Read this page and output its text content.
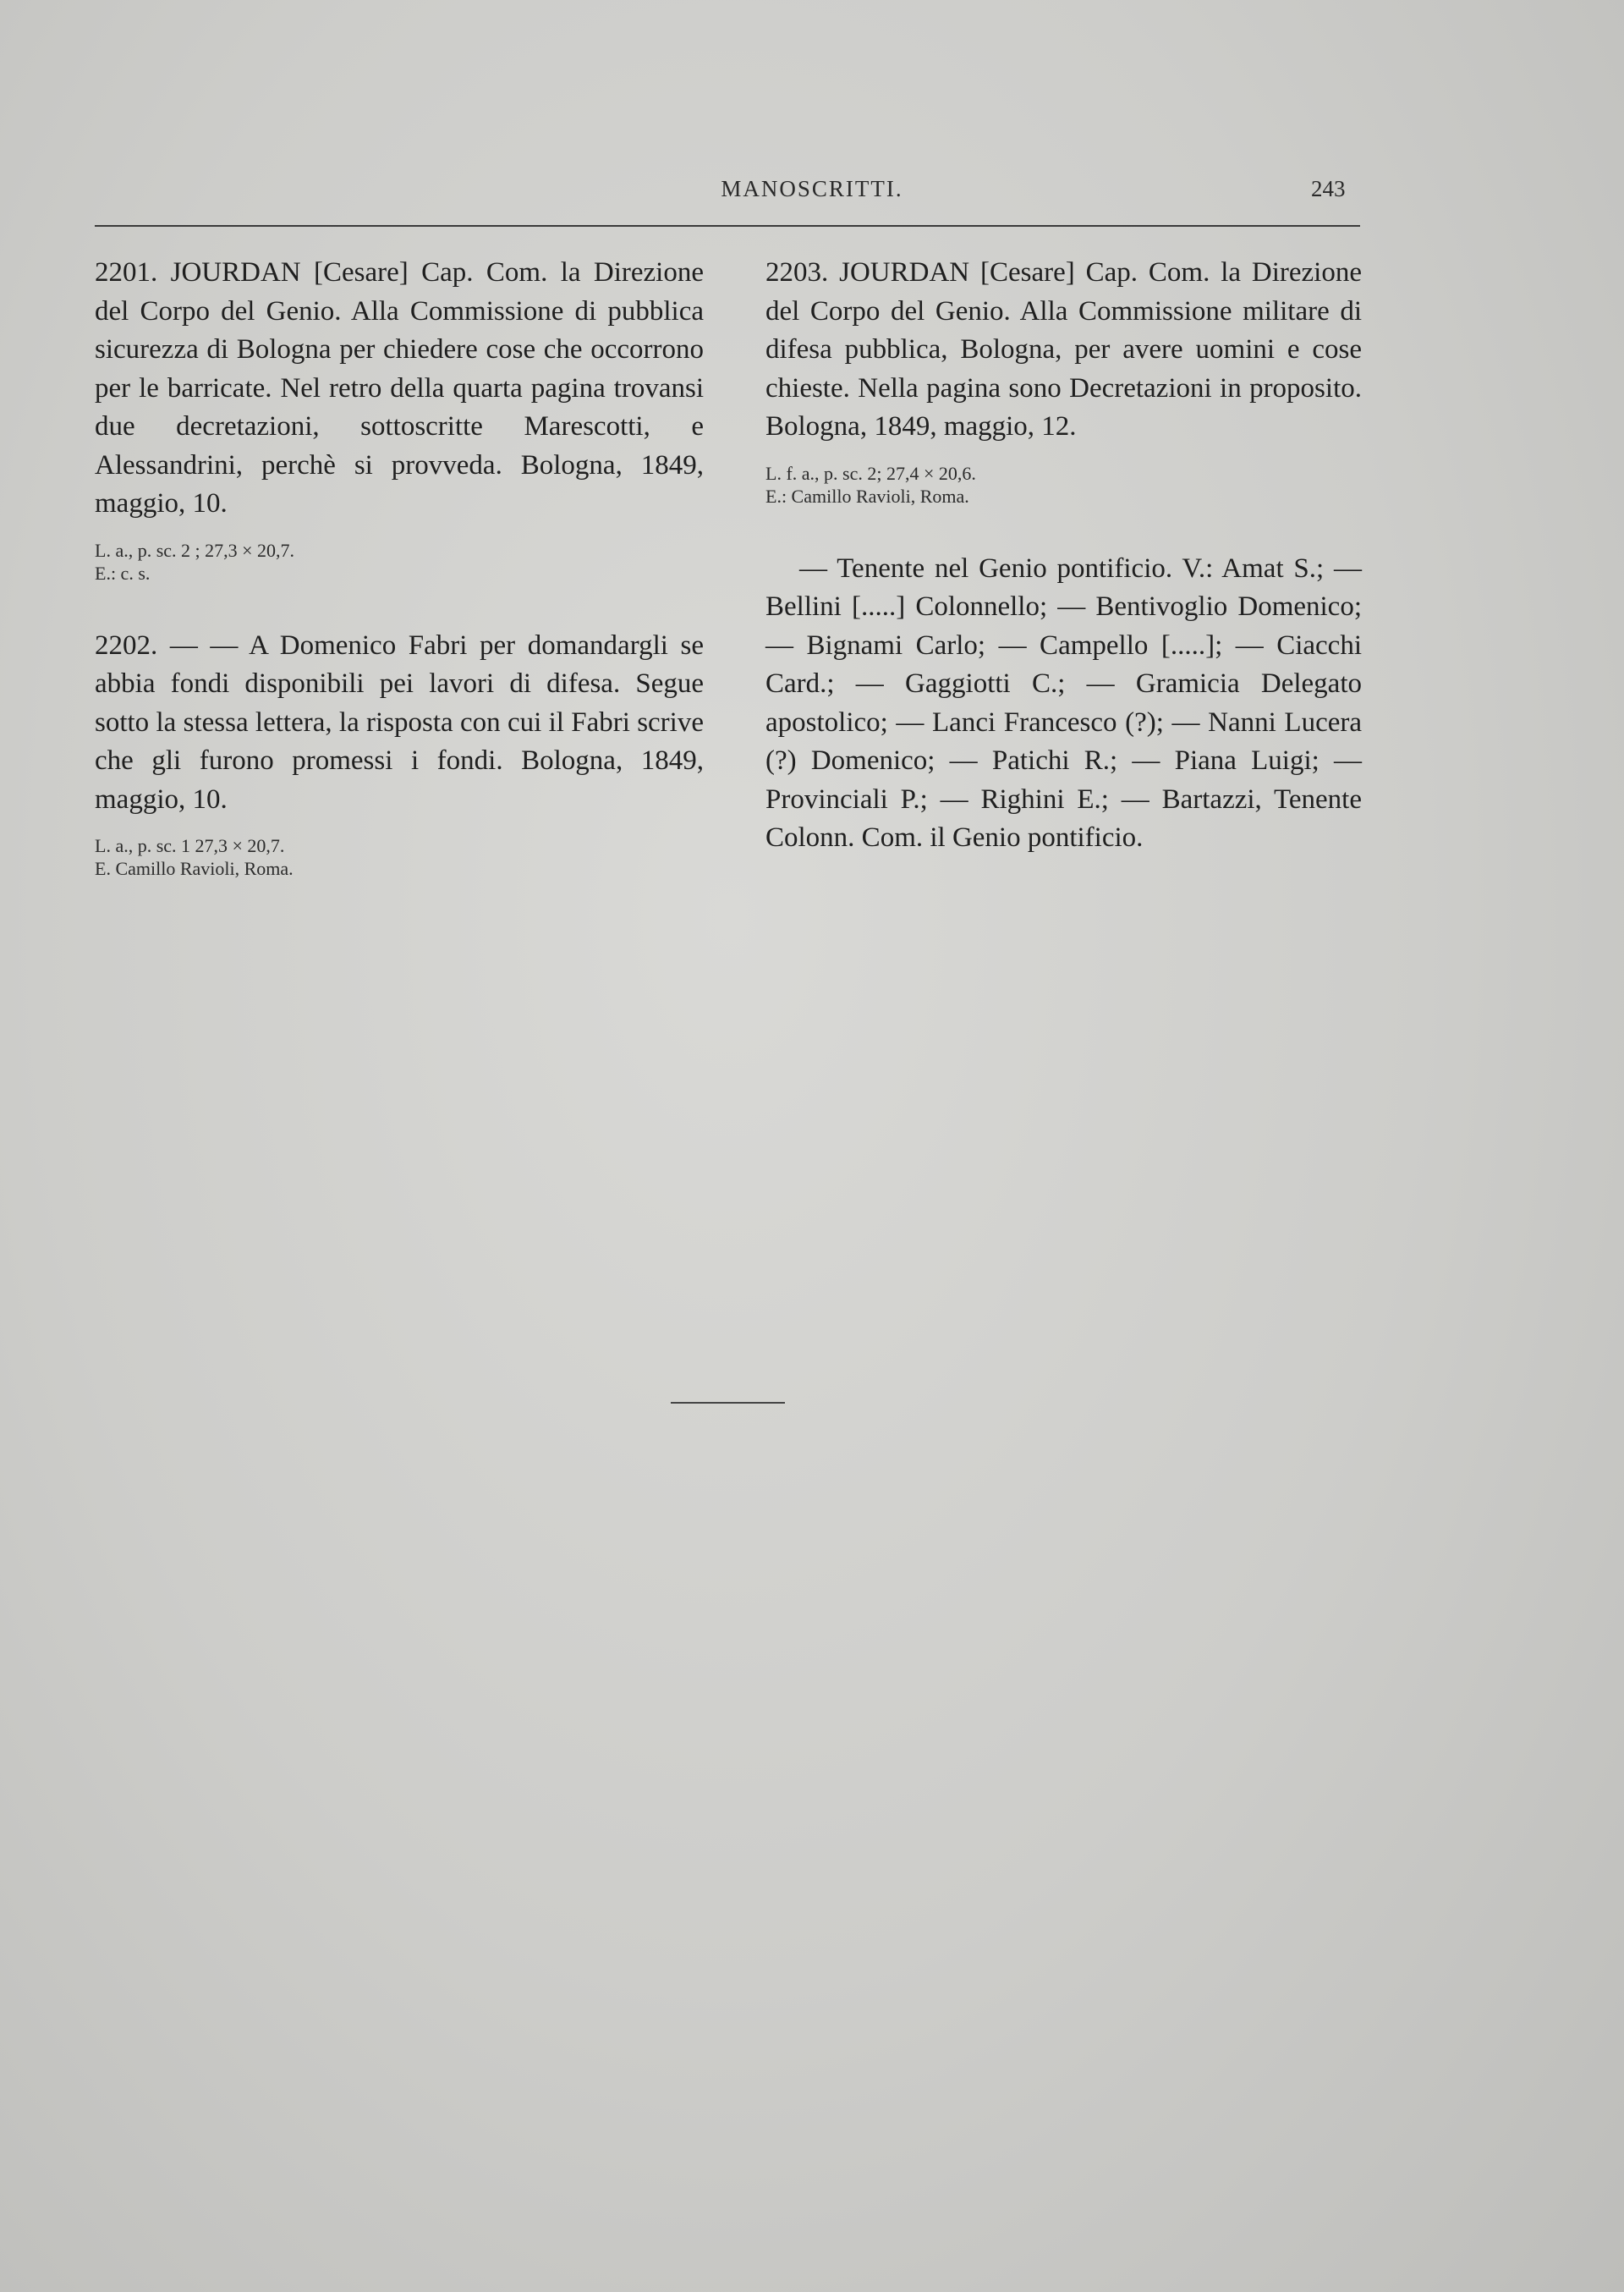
MANOSCRITTI.	243

2201. JOURDAN [Cesare] Cap. Com. la Direzione del Corpo del Genio. Alla Commissione di pubblica sicurezza di Bologna per chiedere cose che occorrono per le barricate. Nel retro della quarta pagina trovansi due decretazioni, sottoscritte Marescotti, e Alessandrini, perchè si provveda. Bologna, 1849, maggio, 10.

L. a., p. sc. 2 ; 27,3 × 20,7.
E.: c. s.

2202. — — A Domenico Fabri per domandargli se abbia fondi disponibili pei lavori di difesa. Segue sotto la stessa lettera, la risposta con cui il Fabri scrive che gli furono promessi i fondi. Bologna, 1849, maggio, 10.

L. a., p. sc. 1 27,3 × 20,7.
E. Camillo Ravioli, Roma.

2203. JOURDAN [Cesare] Cap. Com. la Direzione del Corpo del Genio. Alla Commissione militare di difesa pubblica, Bologna, per avere uomini e cose chieste. Nella pagina sono Decretazioni in proposito. Bologna, 1849, maggio, 12.

L. f. a., p. sc. 2; 27,4 × 20,6.
E.: Camillo Ravioli, Roma.

— Tenente nel Genio pontificio. V.: Amat S.; — Bellini [.....] Colonnello; — Bentivoglio Domenico; — Bignami Carlo; — Campello [.....]; — Ciacchi Card.; — Gaggiotti C.; — Gramicia Delegato apostolico; — Lanci Francesco (?); — Nanni Lucera (?) Domenico; — Patichi R.; — Piana Luigi; — Provinciali P.; — Righini E.; — Bartazzi, Tenente Colonn. Com. il Genio pontificio.
